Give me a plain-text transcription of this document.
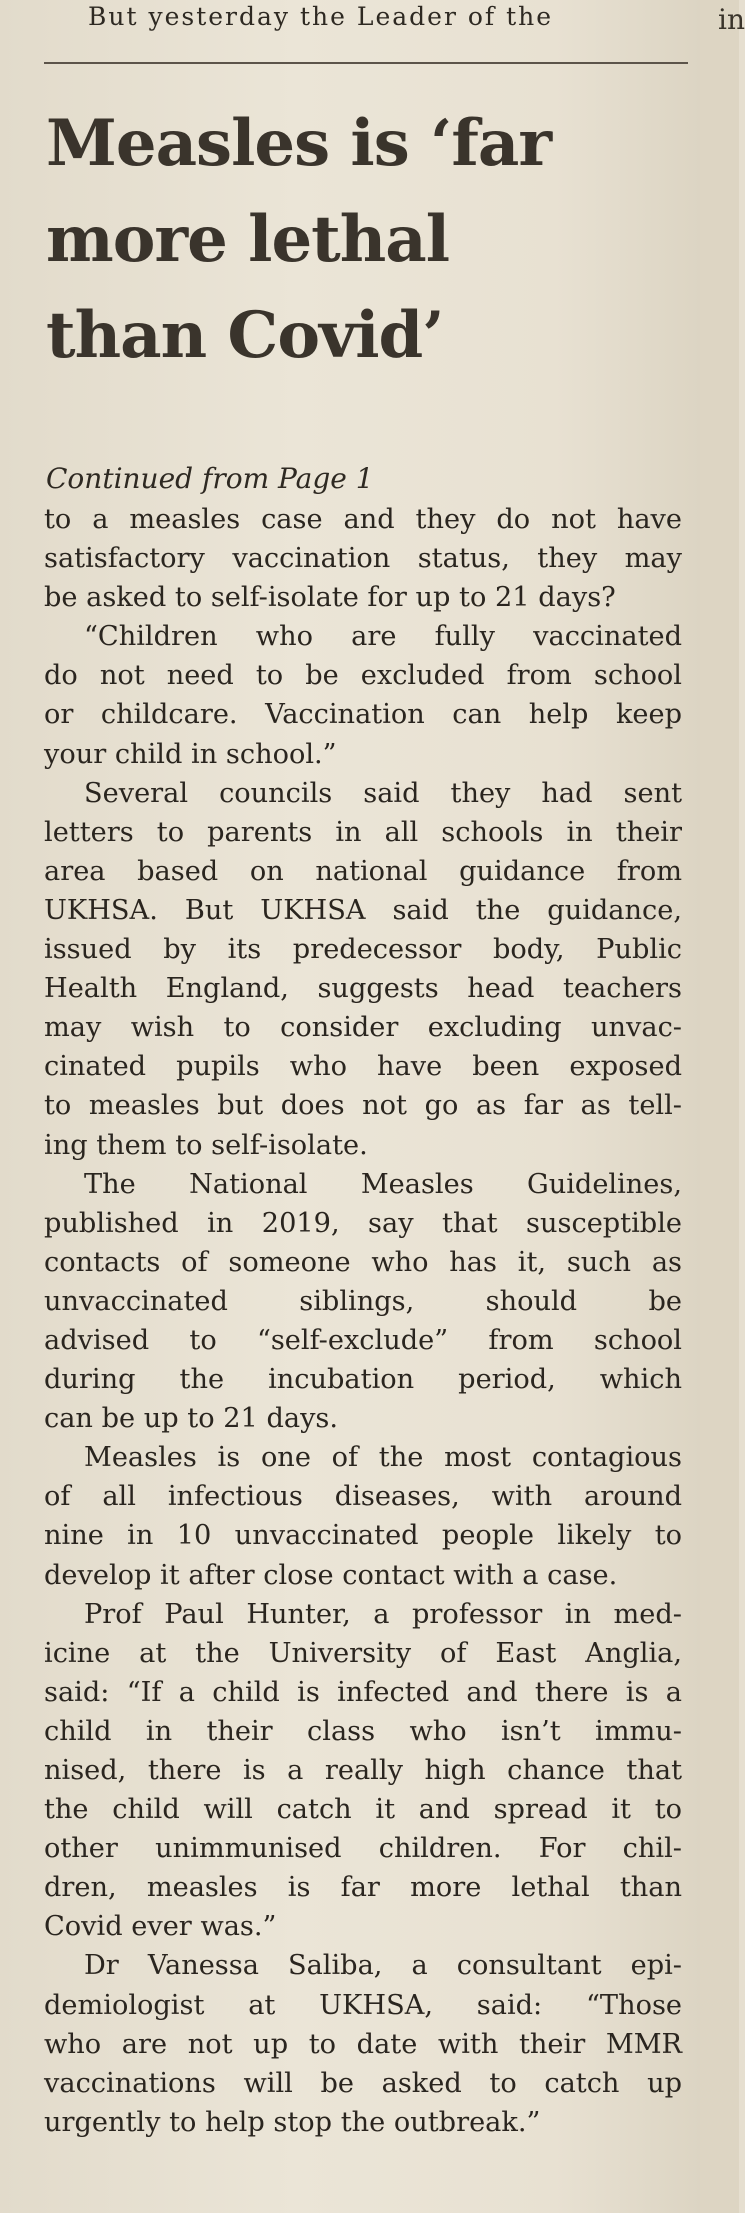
But yesterday the Leader of the
Measles is ‘far
more lethal
than Covid’
Continued from Page 1

to a measles case and they do not have
satisfactory vaccination status, they may
be asked to self-isolate for up to 21 days?

“Children who are fully vaccinated
do not need to be excluded from school
or childcare. Vaccination can help keep
your child in school.”

Several councils said they had sent
letters to parents in all schools in their
area based on national guidance from
UKHSA. But UKHSA said the guidance,
issued by its predecessor body, Public
Health England, suggests head teachers
may wish to consider excluding unvac-
cinated pupils who have been exposed
to measles but does not go as far as tell-
ing them to self-isolate.

The National Measles Guidelines,
published in 2019, say that susceptible
contacts of someone who has it, such as
unvaccinated siblings, should be
advised to “self-exclude” from school
during the incubation period, which
can be up to 21 days.

Measles is one of the most contagious
of all infectious diseases, with around
nine in 10 unvaccinated people likely to
develop it after close contact with a case.

Prof Paul Hunter, a professor in med-
icine at the University of East Anglia,
said: “If a child is infected and there is a
child in their class who isn’t immu-
nised, there is a really high chance that
the child will catch it and spread it to
other unimmunised children. For chil-
dren, measles is far more lethal than
Covid ever was.”

Dr Vanessa Saliba, a consultant epi-
demiologist at UKHSA, said: “Those
who are not up to date with their MMR
vaccinations will be asked to catch up
urgently to help stop the outbreak.”

in
